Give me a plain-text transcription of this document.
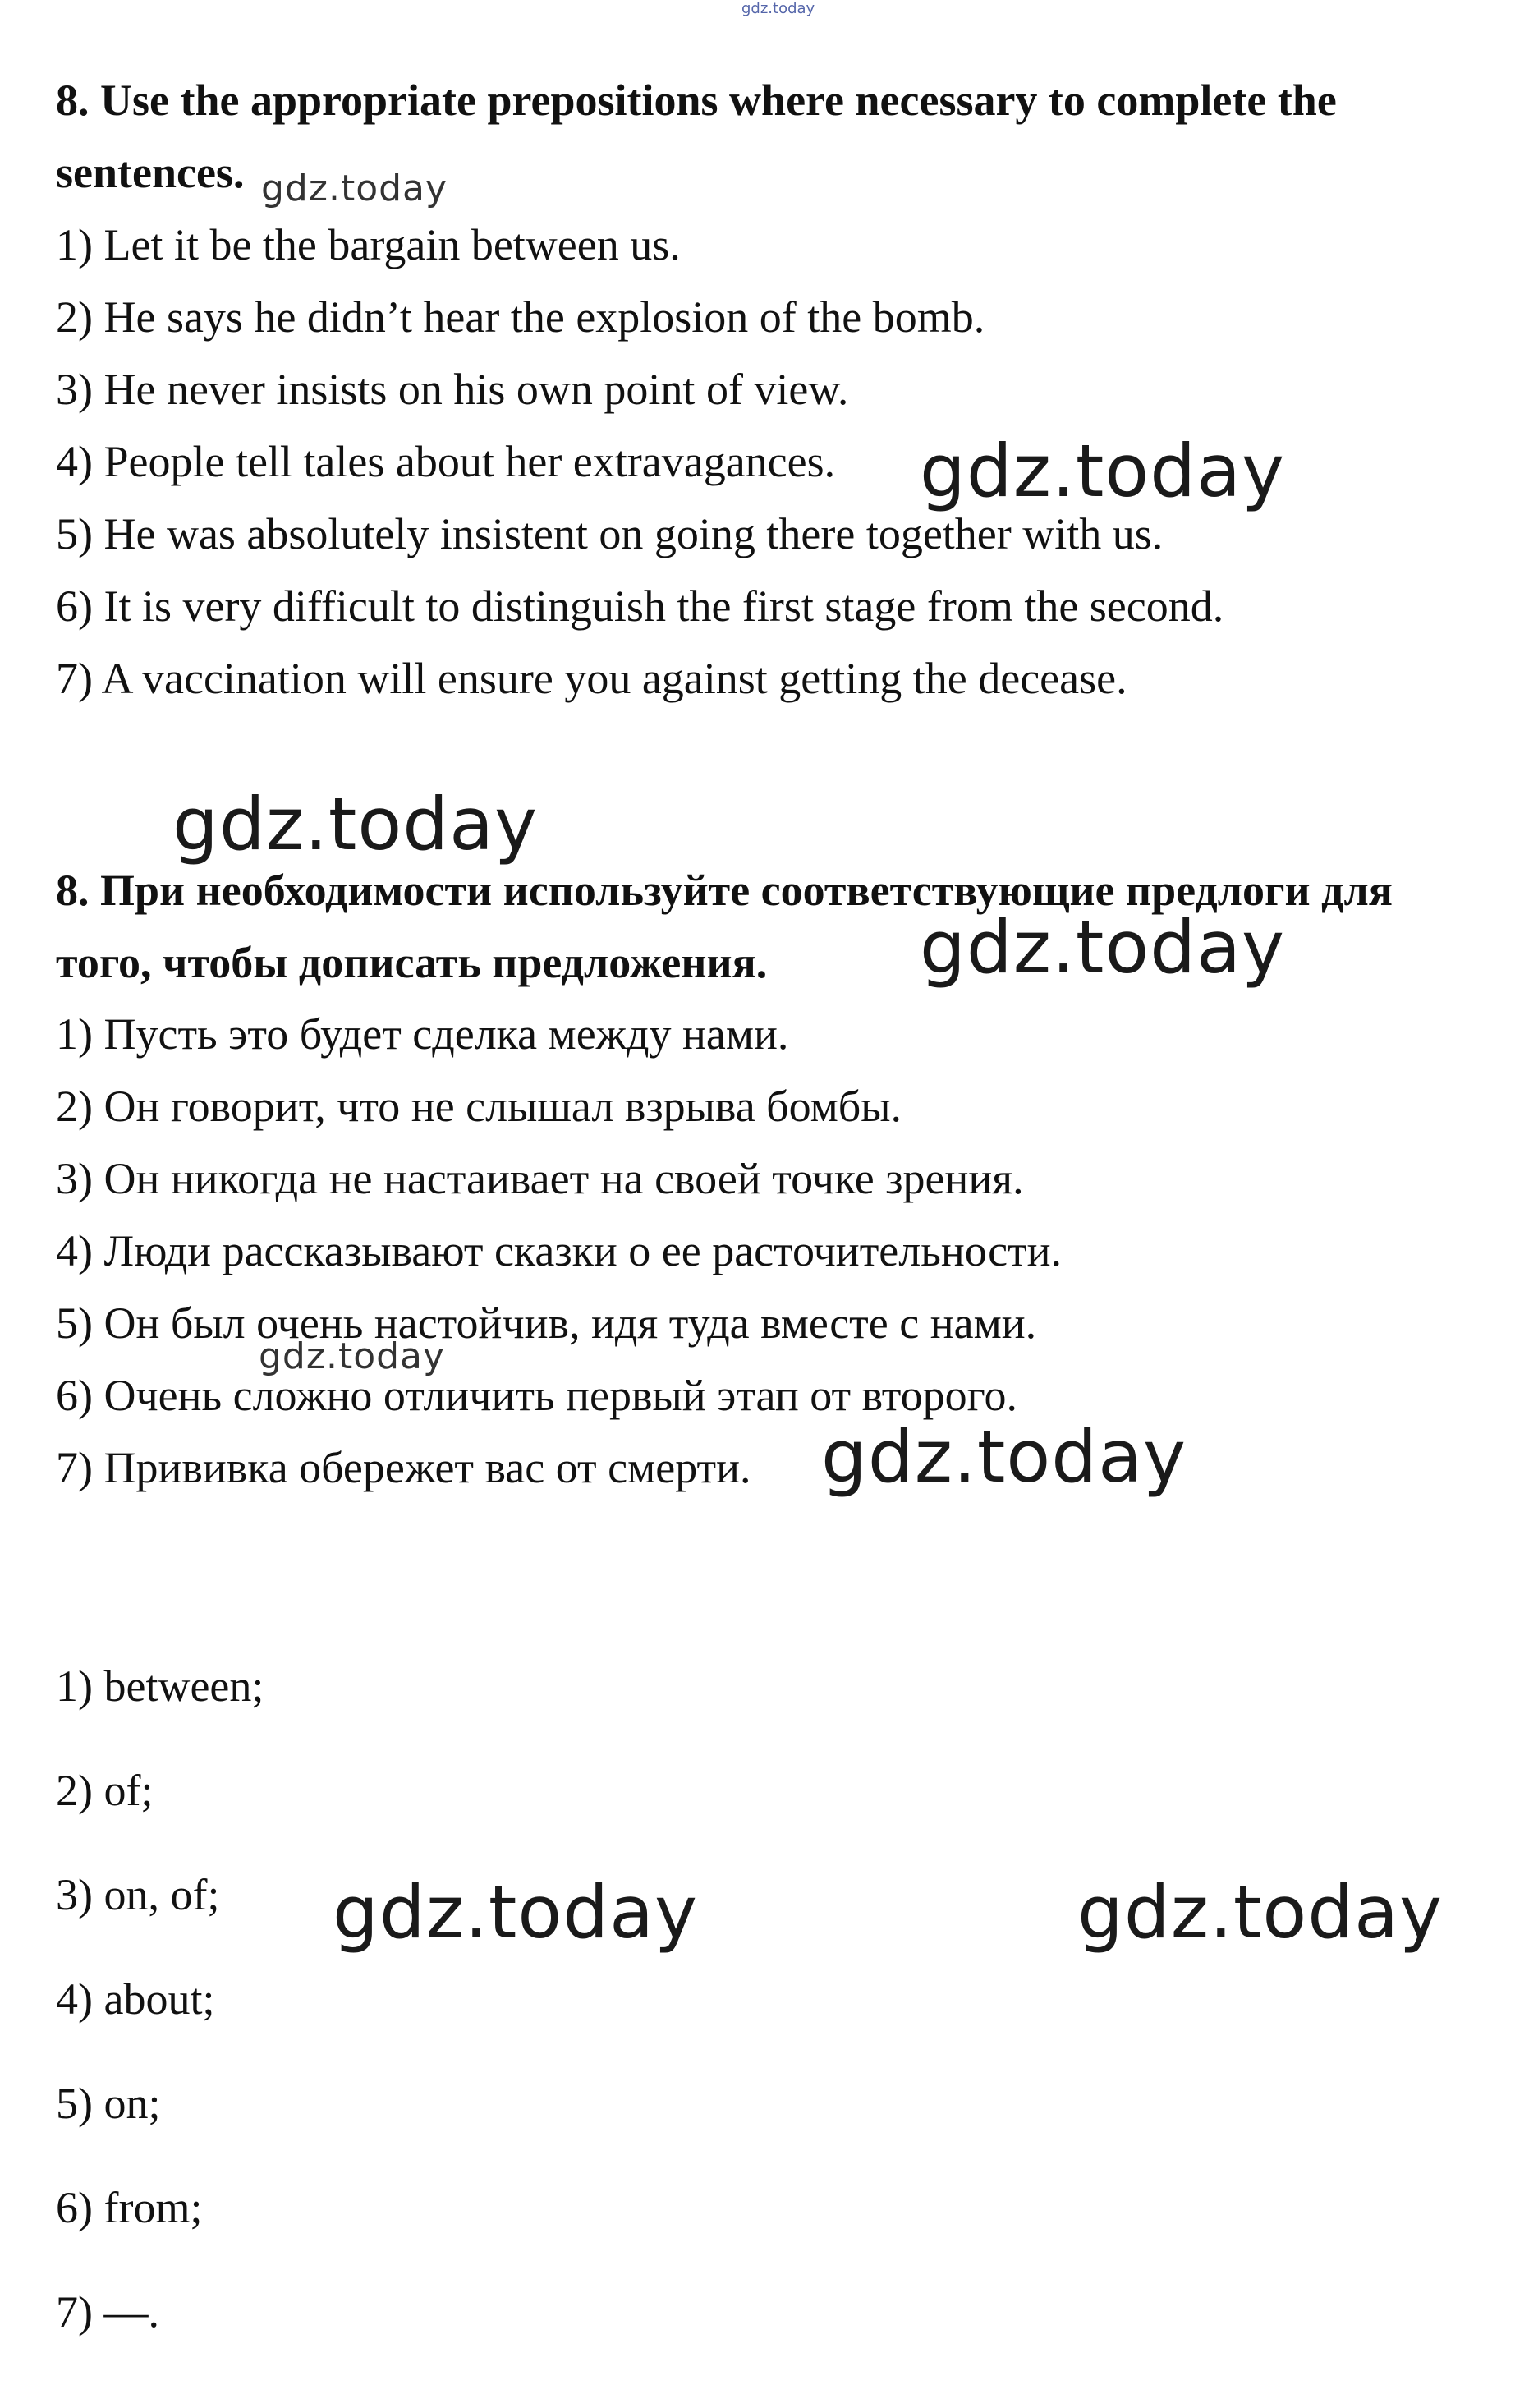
gdz.today

8. Use the appropriate prepositions where necessary to complete the sentences.

1) Let it be the bargain between us.
2) He says he didn’t hear the explosion of the bomb.
3) He never insists on his own point of view.
4) People tell tales about her extravagances.
5) He was absolutely insistent on going there together with us.
6) It is very difficult to distinguish the first stage from the second.
7) A vaccination will ensure you against getting the decease.

8. При необходимости используйте соответствующие предлоги для того, чтобы дописать предложения.

1) Пусть это будет сделка между нами.
2) Он говорит, что не слышал взрыва бомбы.
3) Он никогда не настаивает на своей точке зрения.
4) Люди рассказывают сказки о ее расточительности.
5) Он был очень настойчив, идя туда вместе с нами.
6) Очень сложно отличить первый этап от второго.
7) Прививка обережет вас от смерти.
1) between;
2) of;
3) on, of;
4) about;
5) on;
6) from;
7) —.
gdz.today
gdz.today
gdz.today
gdz.today
gdz.today
gdz.today
gdz.today	gdz.today
